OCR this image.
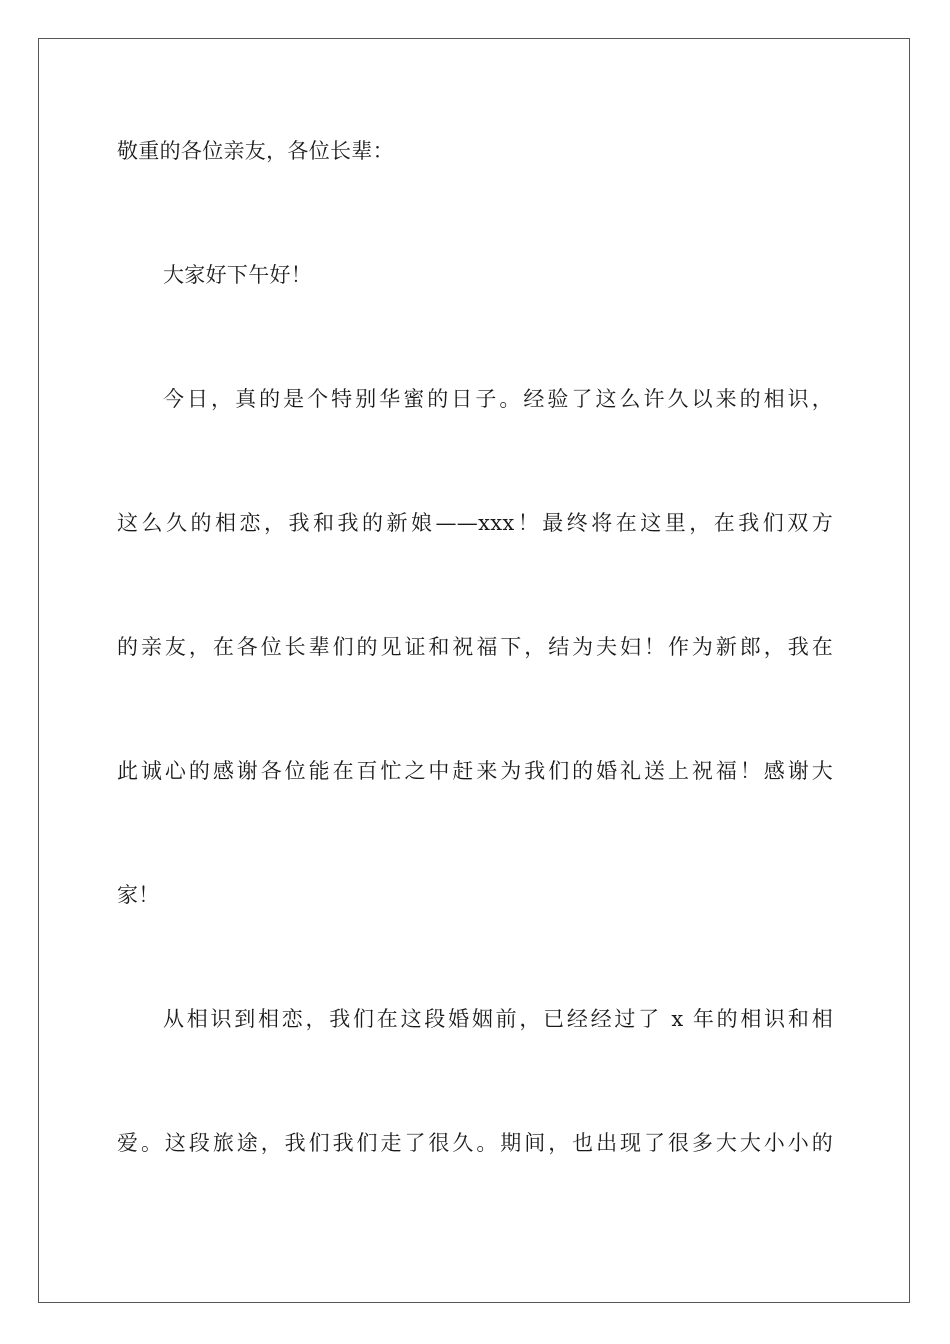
敬重的各位亲友，各位长辈：
大家好下午好！
今日，真的是个特别华蜜的日子。经验了这么许久以来的相识，
这么久的相恋，我和我的新娘——xxx！最终将在这里，在我们双方
的亲友，在各位长辈们的见证和祝福下，结为夫妇！作为新郎，我在
此诚心的感谢各位能在百忙之中赶来为我们的婚礼送上祝福！感谢大
家！
从相识到相恋，我们在这段婚姻前，已经经过了 x 年的相识和相
爱。这段旅途，我们我们走了很久。期间，也出现了很多大大小小的
